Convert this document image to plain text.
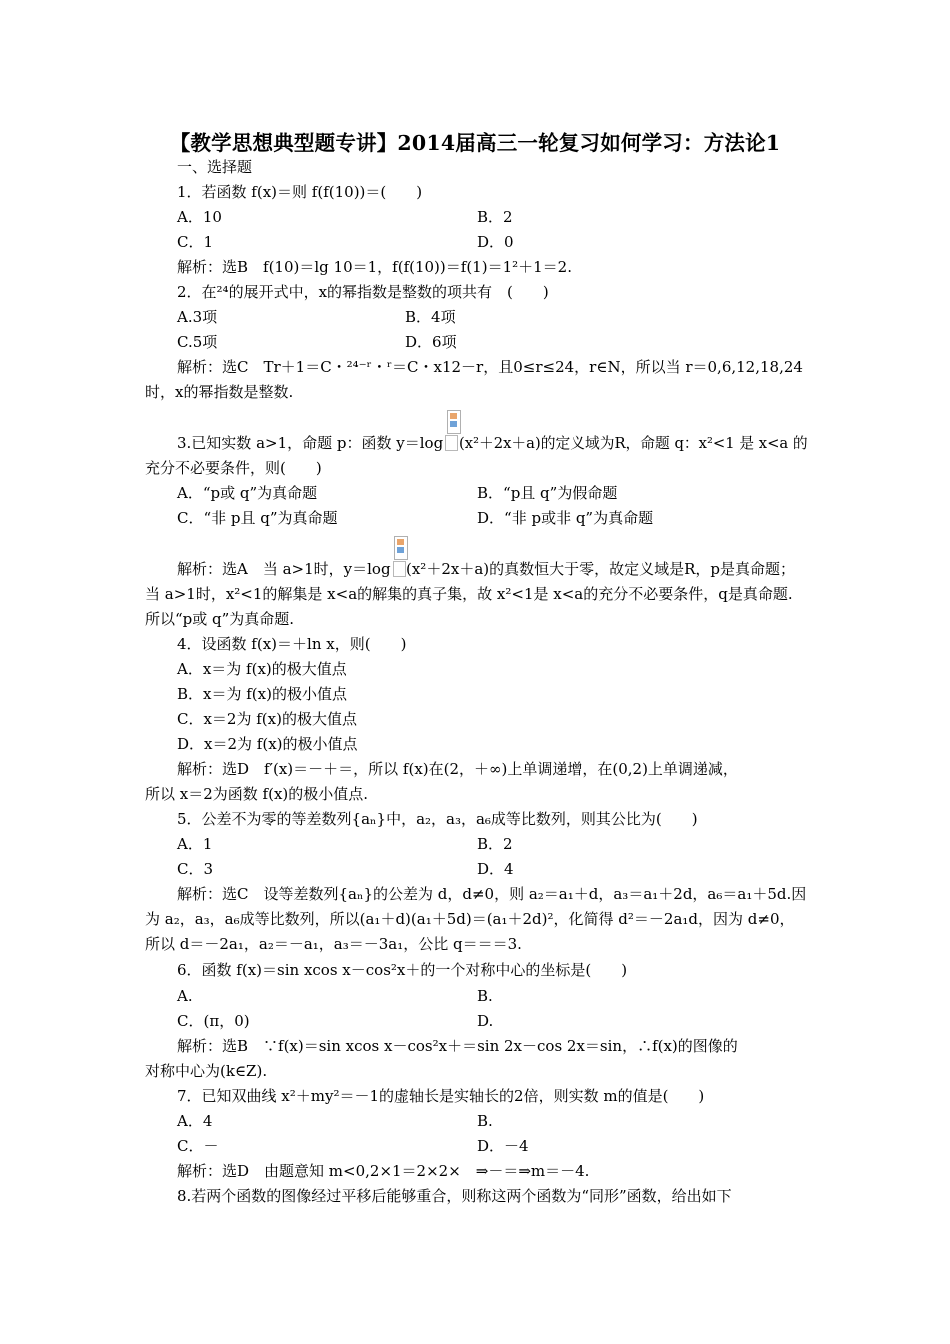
【教学思想典型题专讲】2014届高三一轮复习如何学习：方法论1
一、选择题
1．若函数 f(x)＝则 f(f(10))＝(　　)
A．10	B．2
C．1	D．0
解析：选B　f(10)＝lg 10＝1，f(f(10))＝f(1)＝1²＋1＝2.
2．在²⁴的展开式中，x的幂指数是整数的项共有　(　　)
A.3项	B．4项
C.5项	D．6项
解析：选C　Tr＋1＝C・²⁴⁻ʳ・ʳ＝C・x12－r，且0≤r≤24，r∈N，所以当 r＝0,6,12,18,24
时，x的幂指数是整数.
3.已知实数 a>1，命题 p：函数 y＝log (x²＋2x＋a)的定义域为R，命题 q：x²<1 是 x<a 的
充分不必要条件，则(　　)
A．“p或 q”为真命题	B．“p且 q”为假命题
C．“非 p且 q”为真命题	D．“非 p或非 q”为真命题
解析：选A　当 a>1时，y＝log (x²＋2x＋a)的真数恒大于零，故定义域是R，p是真命题；
当 a>1时，x²<1的解集是 x<a的解集的真子集，故 x²<1是 x<a的充分不必要条件，q是真命题.
所以“p或 q”为真命题.
4．设函数 f(x)＝＋ln x，则(　　)
A．x＝为 f(x)的极大值点
B．x＝为 f(x)的极小值点
C．x＝2为 f(x)的极大值点
D．x＝2为 f(x)的极小值点
解析：选D　f′(x)＝－＋＝，所以 f(x)在(2，＋∞)上单调递增，在(0,2)上单调递减，
所以 x＝2为函数 f(x)的极小值点.
5．公差不为零的等差数列{aₙ}中，a₂，a₃，a₆成等比数列，则其公比为(　　)
A．1	B．2
C．3	D．4
解析：选C　设等差数列{aₙ}的公差为 d，d≠0，则 a₂＝a₁＋d，a₃＝a₁＋2d，a₆＝a₁＋5d.因
为 a₂，a₃，a₆成等比数列，所以(a₁＋d)(a₁＋5d)＝(a₁＋2d)²，化简得 d²＝－2a₁d，因为 d≠0，
所以 d＝－2a₁，a₂＝－a₁，a₃＝－3a₁，公比 q＝＝＝3.
6．函数 f(x)＝sin xcos x－cos²x＋的一个对称中心的坐标是(　　)
A.	B.
C．(π，0)	D.
解析：选B　∵f(x)＝sin xcos x－cos²x＋＝sin 2x－cos 2x＝sin，∴f(x)的图像的
对称中心为(k∈Z).
7．已知双曲线 x²＋my²＝－1的虚轴长是实轴长的2倍，则实数 m的值是(　　)
A．4	B.
C．－	D．－4
解析：选D　由题意知 m<0,2×1＝2×2×　⇒－＝⇒m＝－4.
8.若两个函数的图像经过平移后能够重合，则称这两个函数为“同形”函数，给出如下
